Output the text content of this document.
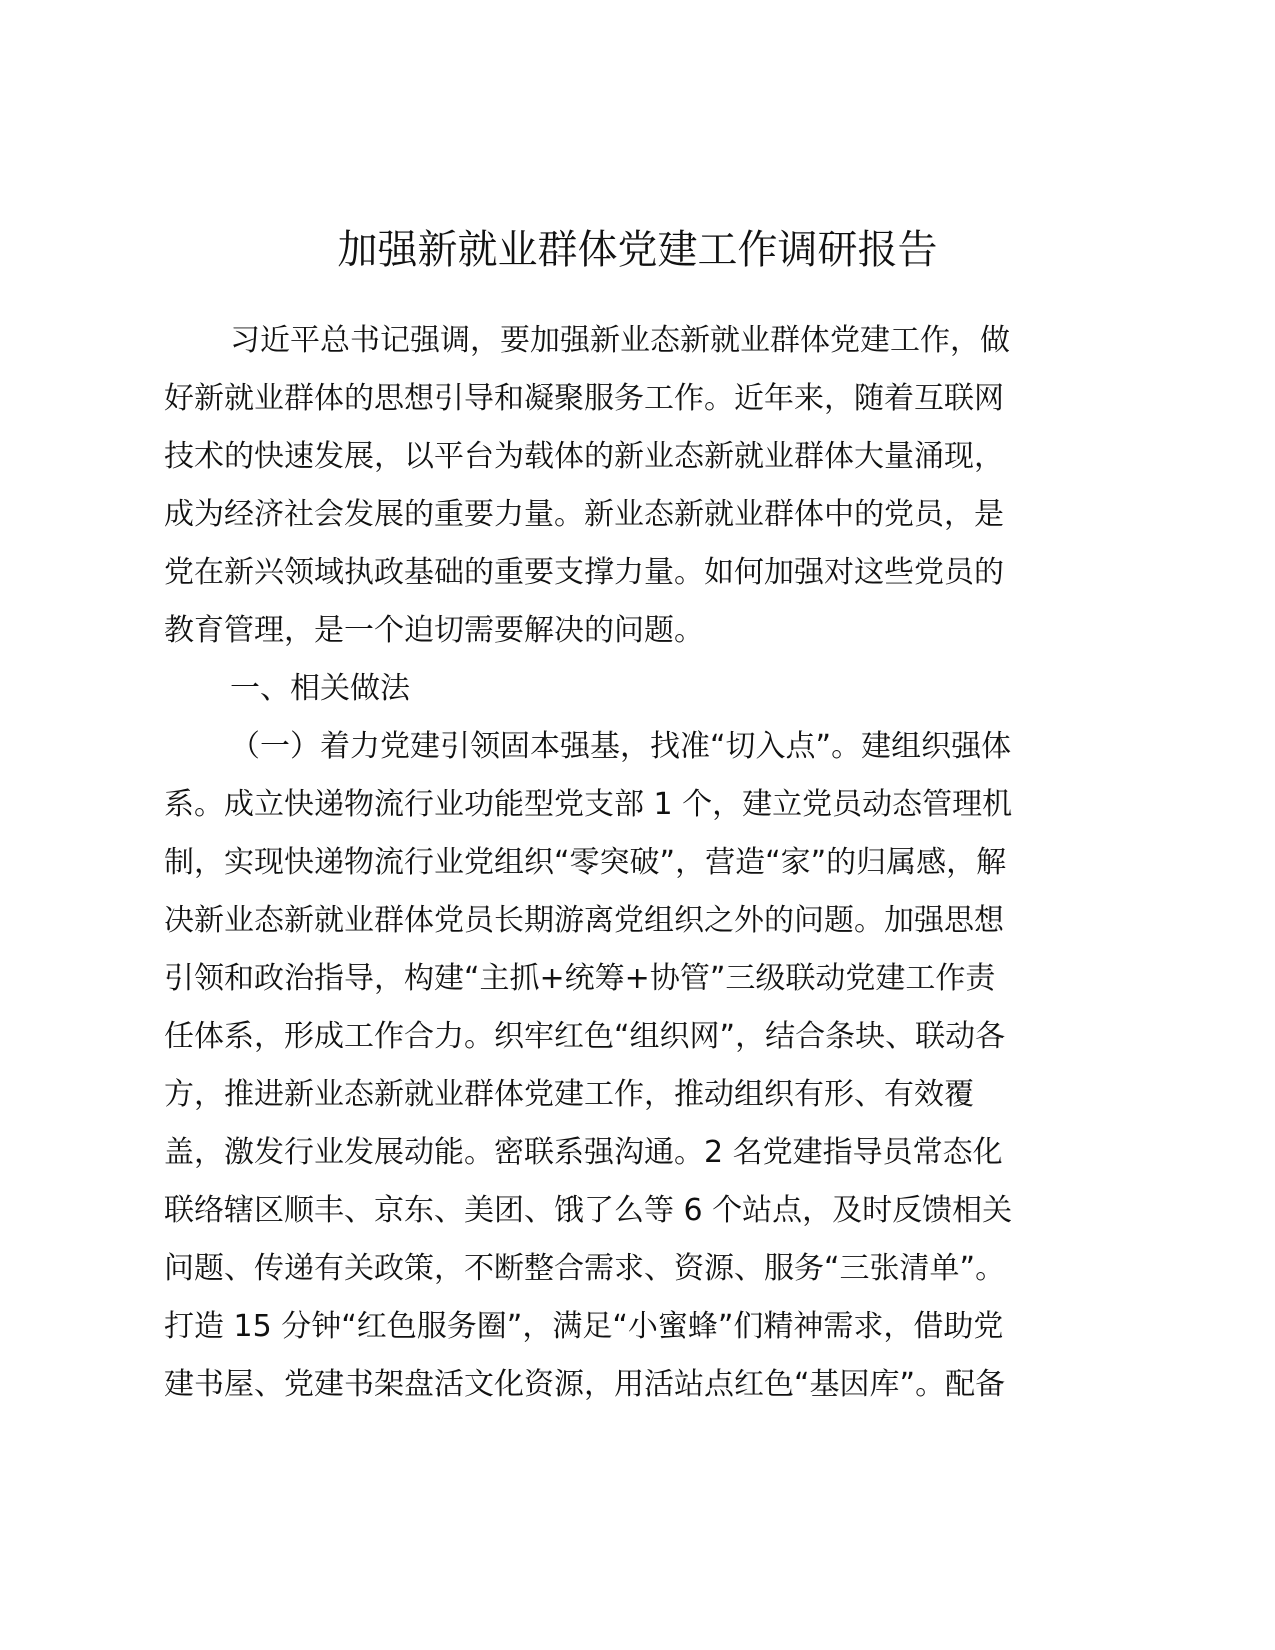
加强新就业群体党建工作调研报告
习近平总书记强调，要加强新业态新就业群体党建工作，做
好新就业群体的思想引导和凝聚服务工作。近年来，随着互联网
技术的快速发展，以平台为载体的新业态新就业群体大量涌现，
成为经济社会发展的重要力量。新业态新就业群体中的党员，是
党在新兴领域执政基础的重要支撑力量。如何加强对这些党员的
教育管理，是一个迫切需要解决的问题。
一、相关做法
（一）着力党建引领固本强基，找准“切入点”。建组织强体
系。成立快递物流行业功能型党支部 1 个，建立党员动态管理机
制，实现快递物流行业党组织“零突破”，营造“家”的归属感，解
决新业态新就业群体党员长期游离党组织之外的问题。加强思想
引领和政治指导，构建“主抓+统筹+协管”三级联动党建工作责
任体系，形成工作合力。织牢红色“组织网”，结合条块、联动各
方，推进新业态新就业群体党建工作，推动组织有形、有效覆
盖，激发行业发展动能。密联系强沟通。2 名党建指导员常态化
联络辖区顺丰、京东、美团、饿了么等 6 个站点，及时反馈相关
问题、传递有关政策，不断整合需求、资源、服务“三张清单”。
打造 15 分钟“红色服务圈”，满足“小蜜蜂”们精神需求，借助党
建书屋、党建书架盘活文化资源，用活站点红色“基因库”。配备
